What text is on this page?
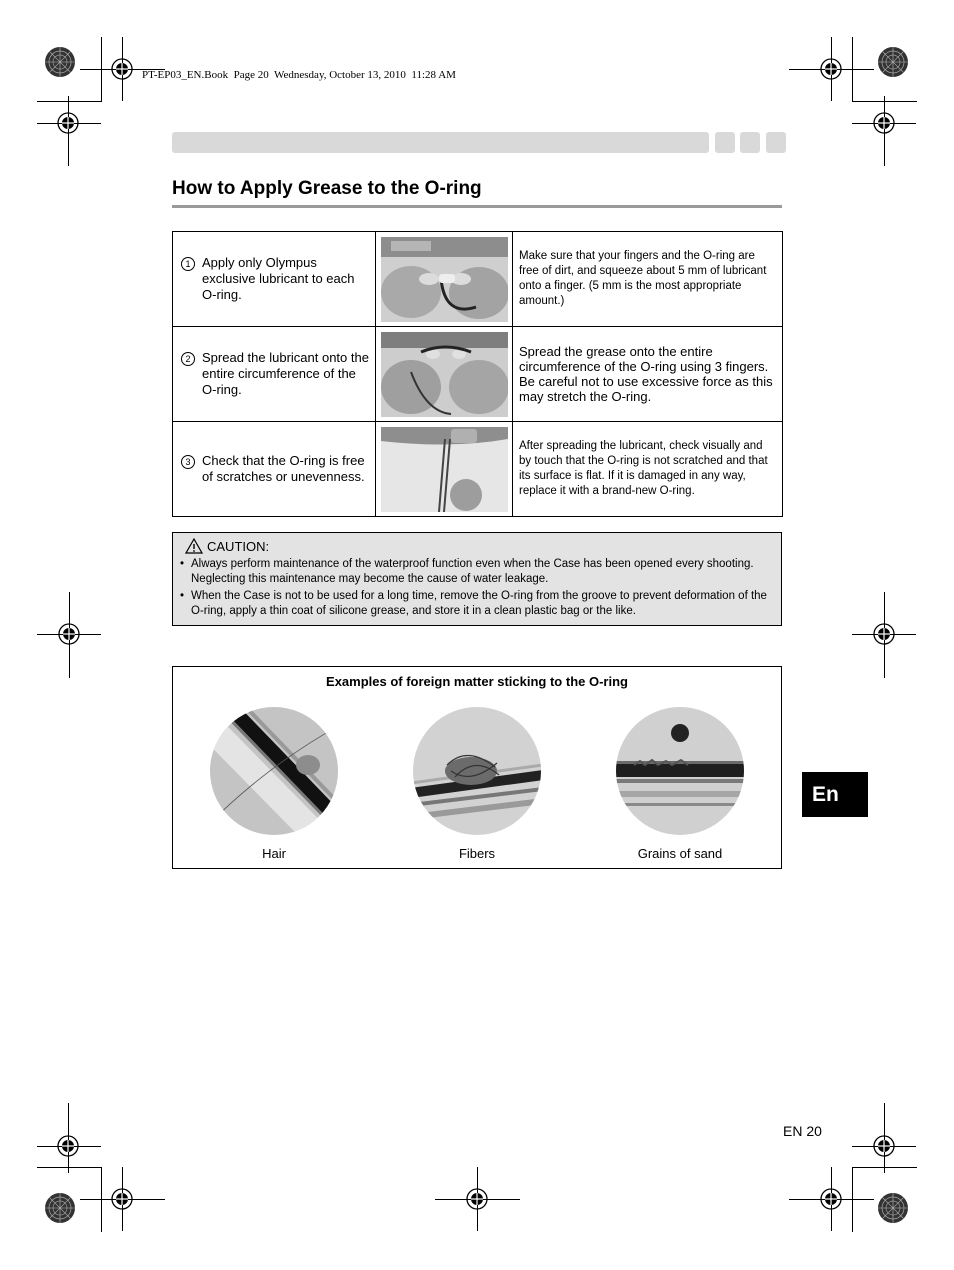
PT-EP03_EN.Book  Page 20  Wednesday, October 13, 2010  11:28 AM
How to Apply Grease to the O-ring
1 Apply only Olympus exclusive lubricant to each O-ring.		Make sure that your fingers and the O-ring are free of dirt, and squeeze about 5 mm of lubricant onto a finger. (5 mm is the most appropriate amount.)

2 Spread the lubricant onto the entire circumference of the O-ring.		Spread the grease onto the entire circumference of the O-ring using 3 fingers. Be careful not to use excessive force as this may stretch the O-ring.

3 Check that the O-ring is free of scratches or unevenness.		After spreading the lubricant, check visually and by touch that the O-ring is not scratched and that its surface is flat. If it is damaged in any way, replace it with a brand-new O-ring.
CAUTION:
• Always perform maintenance of the waterproof function even when the Case has been opened every shooting. Neglecting this maintenance may become the cause of water leakage.
• When the Case is not to be used for a long time, remove the O-ring from the groove to prevent deformation of the O-ring, apply a thin coat of silicone grease, and store it in a clean plastic bag or the like.
Examples of foreign matter sticking to the O-ring
Hair	Fibers	Grains of sand
En
EN 20
